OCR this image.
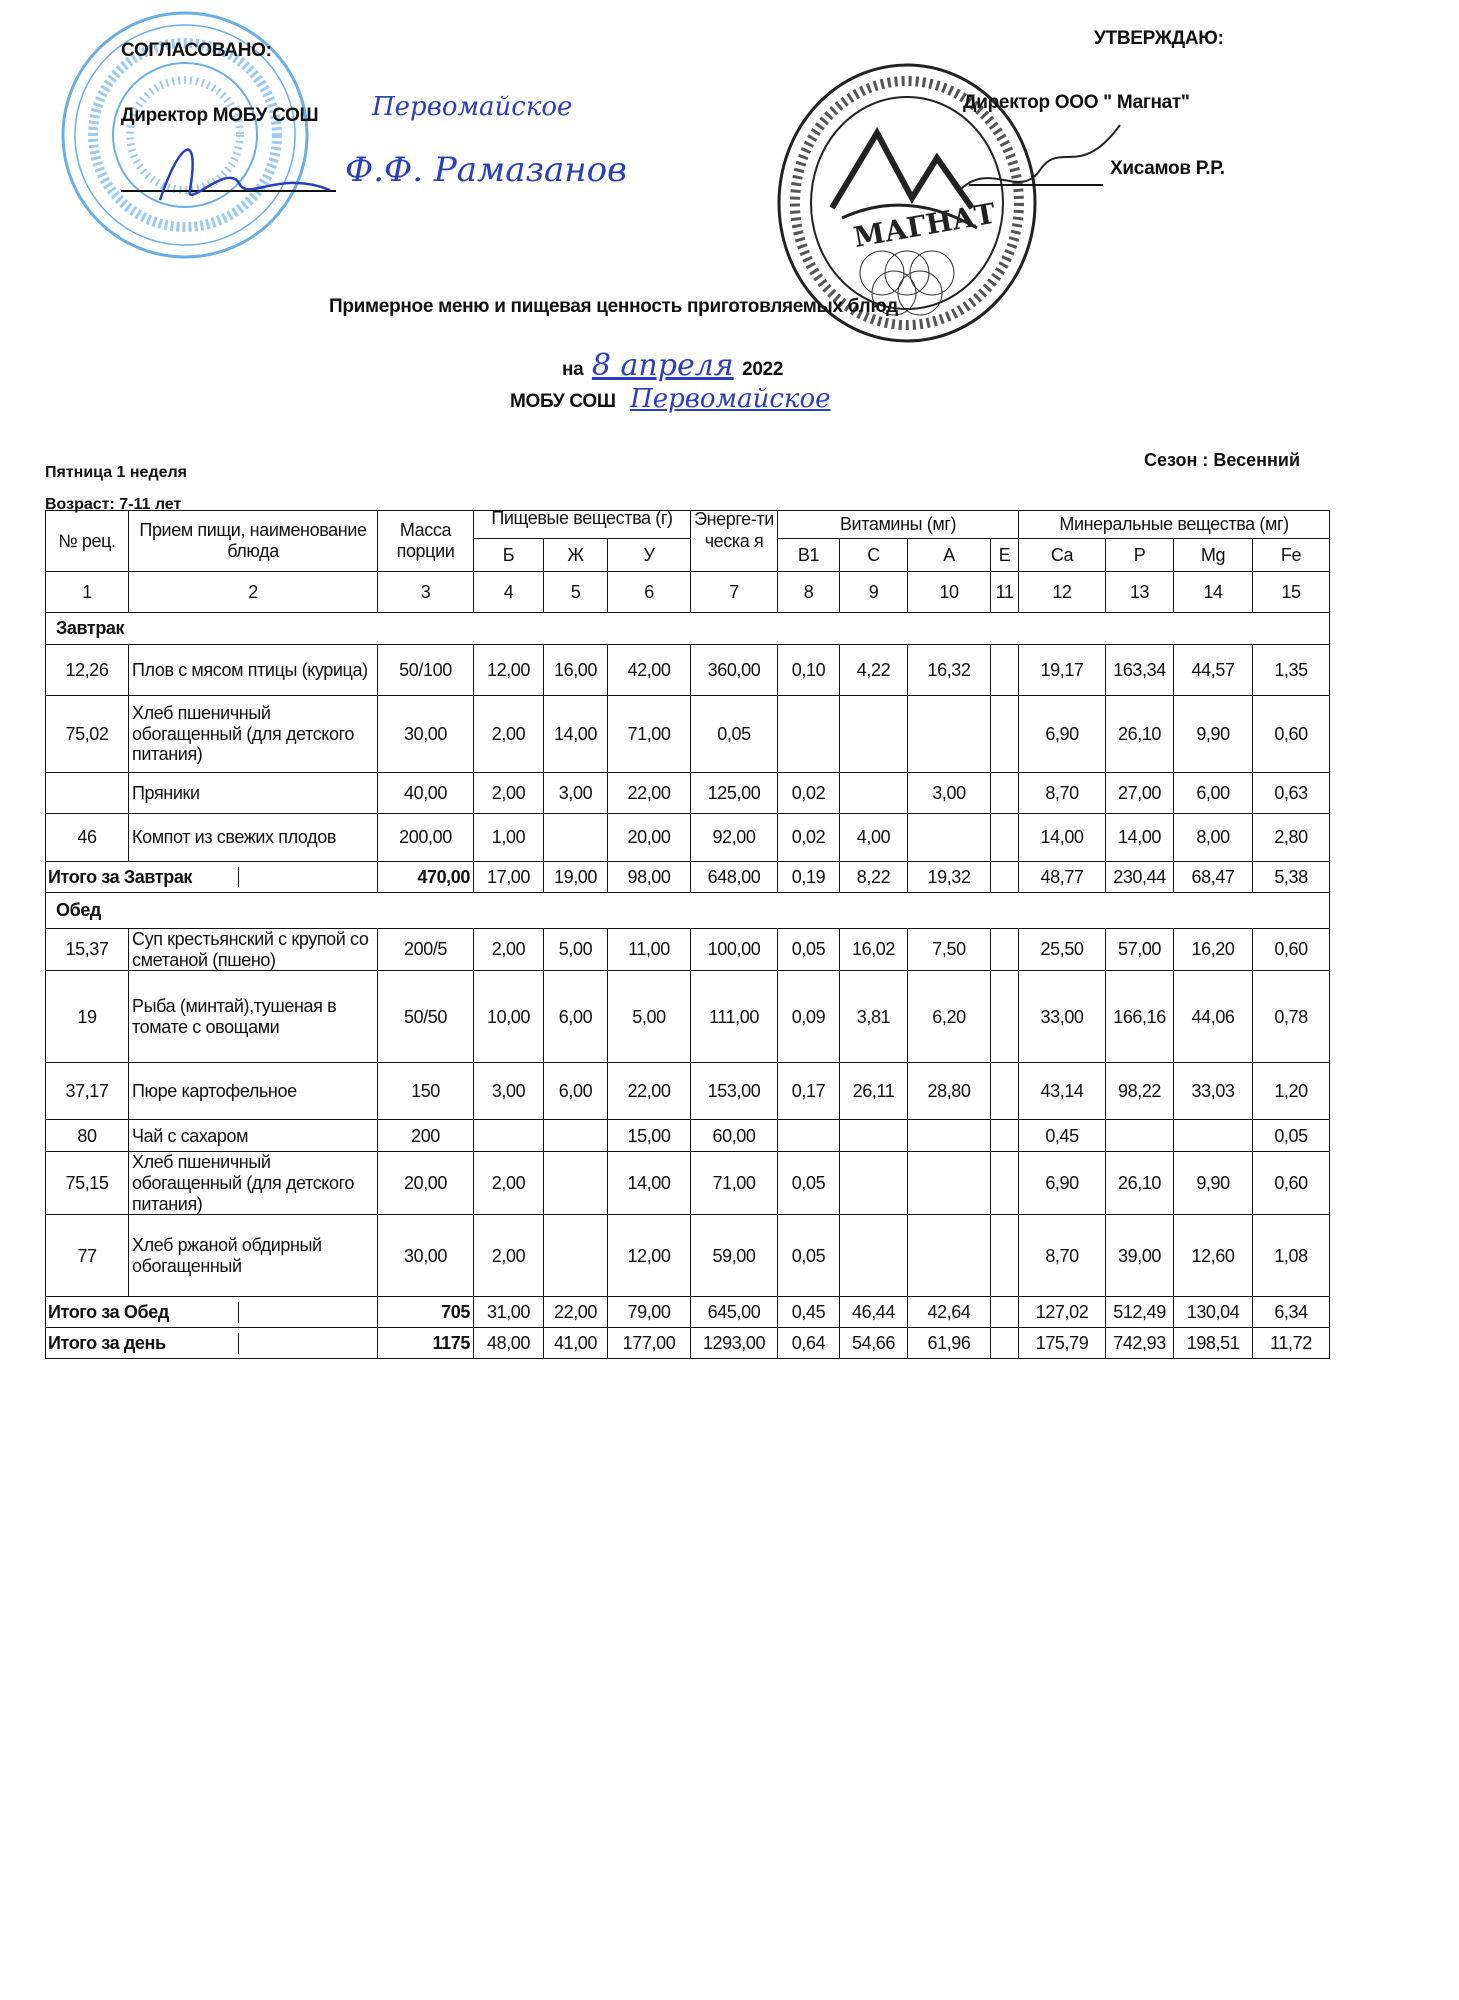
МАГНАТ
СОГЛАСОВАНО:
Директор МОБУ СОШ Первомайское
Ф.Ф. Рамазанов
УТВЕРЖДАЮ:
Директор ООО " Магнат"
Хисамов Р.Р.
Примерное меню и пищевая ценность приготовляемых блюд
на 8 апреля 2022
МОБУ СОШ Первомайское
Пятница 1 неделя
Сезон : Весенний
Возраст: 7-11 лет
№ рец.	Прием пищи, наименование блюда	Масса порции	Пищевые вещества (г)			Энерге-тическа я	Витамины (мг)				Минеральные вещества (мг)			
			Б	Ж	У		В1	С	А	Е	Ca	P	Mg	Fe
1	2	3	4	5	6	7	8	9	10	11	12	13	14	15
Завтрак														
12,26	Плов с мясом птицы (курица)	50/100	12,00	16,00	42,00	360,00	0,10	4,22	16,32		19,17	163,34	44,57	1,35
75,02	Хлеб пшеничный обогащенный (для детского питания)	30,00	2,00	14,00	71,00	0,05					6,90	26,10	9,90	0,60
	Пряники	40,00	2,00	3,00	22,00	125,00	0,02		3,00		8,70	27,00	6,00	0,63
46	Компот из свежих плодов	200,00	1,00		20,00	92,00	0,02	4,00			14,00	14,00	8,00	2,80

Итого за Завтрак		470,00	17,00	19,00	98,00	648,00	0,19	8,22	19,32		48,77	230,44	68,47	5,38
Обед														
15,37	Суп крестьянский с крупой со сметаной (пшено)	200/5	2,00	5,00	11,00	100,00	0,05	16,02	7,50		25,50	57,00	16,20	0,60
19	Рыба (минтай),тушеная в томате с овощами	50/50	10,00	6,00	5,00	111,00	0,09	3,81	6,20		33,00	166,16	44,06	0,78
37,17	Пюре картофельное	150	3,00	6,00	22,00	153,00	0,17	26,11	28,80		43,14	98,22	33,03	1,20
80	Чай с сахаром	200			15,00	60,00					0,45			0,05
75,15	Хлеб пшеничный обогащенный (для детского питания)	20,00	2,00		14,00	71,00	0,05				6,90	26,10	9,90	0,60
77	Хлеб ржаной обдирный обогащенный	30,00	2,00		12,00	59,00	0,05				8,70	39,00	12,60	1,08

Итого за Обед		705	31,00	22,00	79,00	645,00	0,45	46,44	42,64		127,02	512,49	130,04	6,34

Итого за день		1175	48,00	41,00	177,00	1293,00	0,64	54,66	61,96		175,79	742,93	198,51	11,72
